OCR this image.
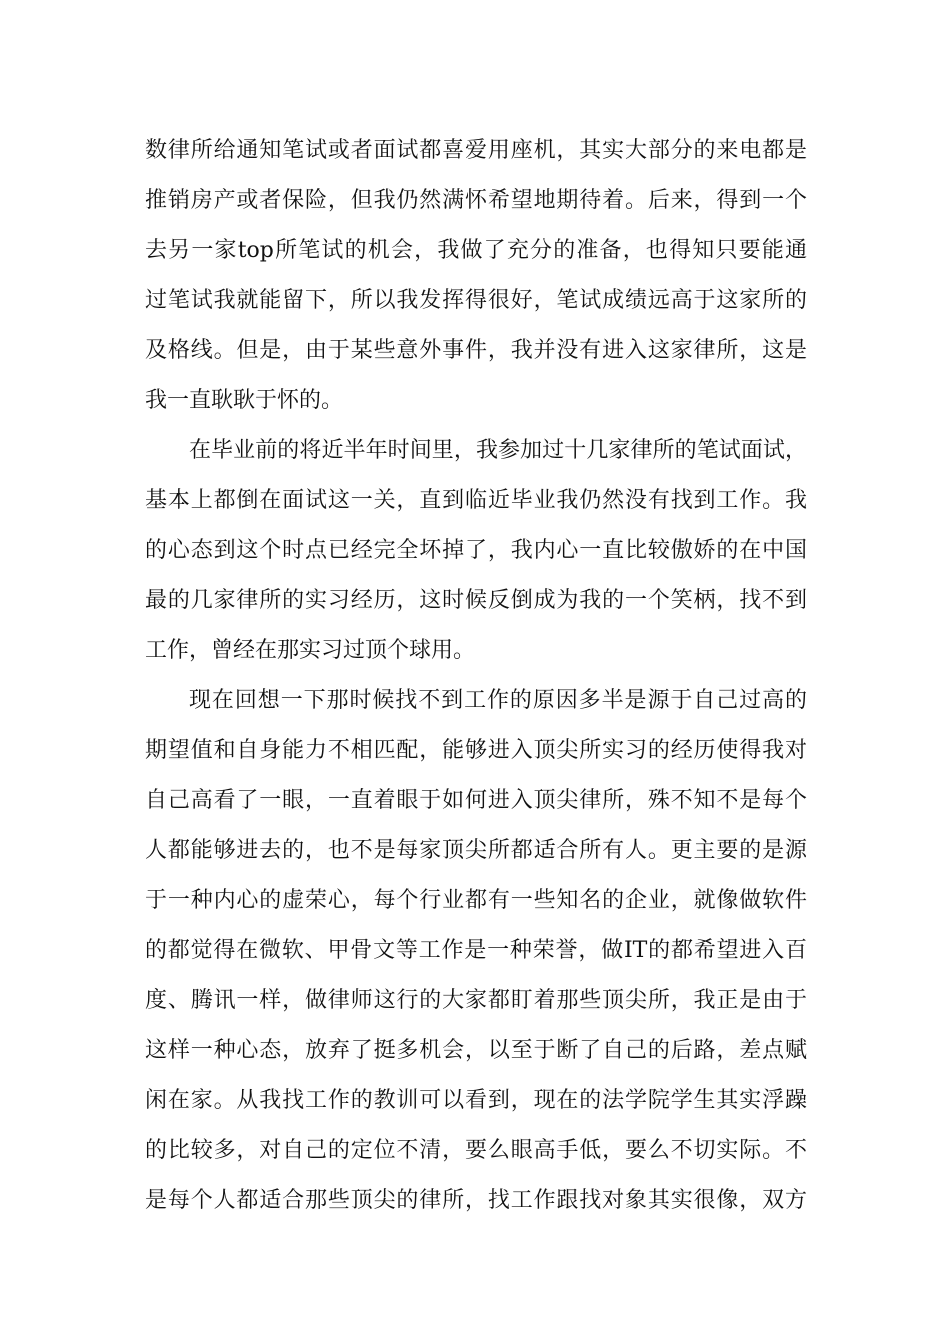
数律所给通知笔试或者面试都喜爱用座机，其实大部分的来电都是
推销房产或者保险，但我仍然满怀希望地期待着。后来，得到一个
去另一家top所笔试的机会，我做了充分的准备，也得知只要能通
过笔试我就能留下，所以我发挥得很好，笔试成绩远高于这家所的
及格线。但是，由于某些意外事件，我并没有进入这家律所，这是
我一直耿耿于怀的。
在毕业前的将近半年时间里，我参加过十几家律所的笔试面试，
基本上都倒在面试这一关，直到临近毕业我仍然没有找到工作。我
的心态到这个时点已经完全坏掉了，我内心一直比较傲娇的在中国
最的几家律所的实习经历，这时候反倒成为我的一个笑柄，找不到
工作，曾经在那实习过顶个球用。
现在回想一下那时候找不到工作的原因多半是源于自己过高的
期望值和自身能力不相匹配，能够进入顶尖所实习的经历使得我对
自己高看了一眼，一直着眼于如何进入顶尖律所，殊不知不是每个
人都能够进去的，也不是每家顶尖所都适合所有人。更主要的是源
于一种内心的虚荣心，每个行业都有一些知名的企业，就像做软件
的都觉得在微软、甲骨文等工作是一种荣誉，做IT的都希望进入百
度、腾讯一样，做律师这行的大家都盯着那些顶尖所，我正是由于
这样一种心态，放弃了挺多机会，以至于断了自己的后路，差点赋
闲在家。从我找工作的教训可以看到，现在的法学院学生其实浮躁
的比较多，对自己的定位不清，要么眼高手低，要么不切实际。不
是每个人都适合那些顶尖的律所，找工作跟找对象其实很像，双方
